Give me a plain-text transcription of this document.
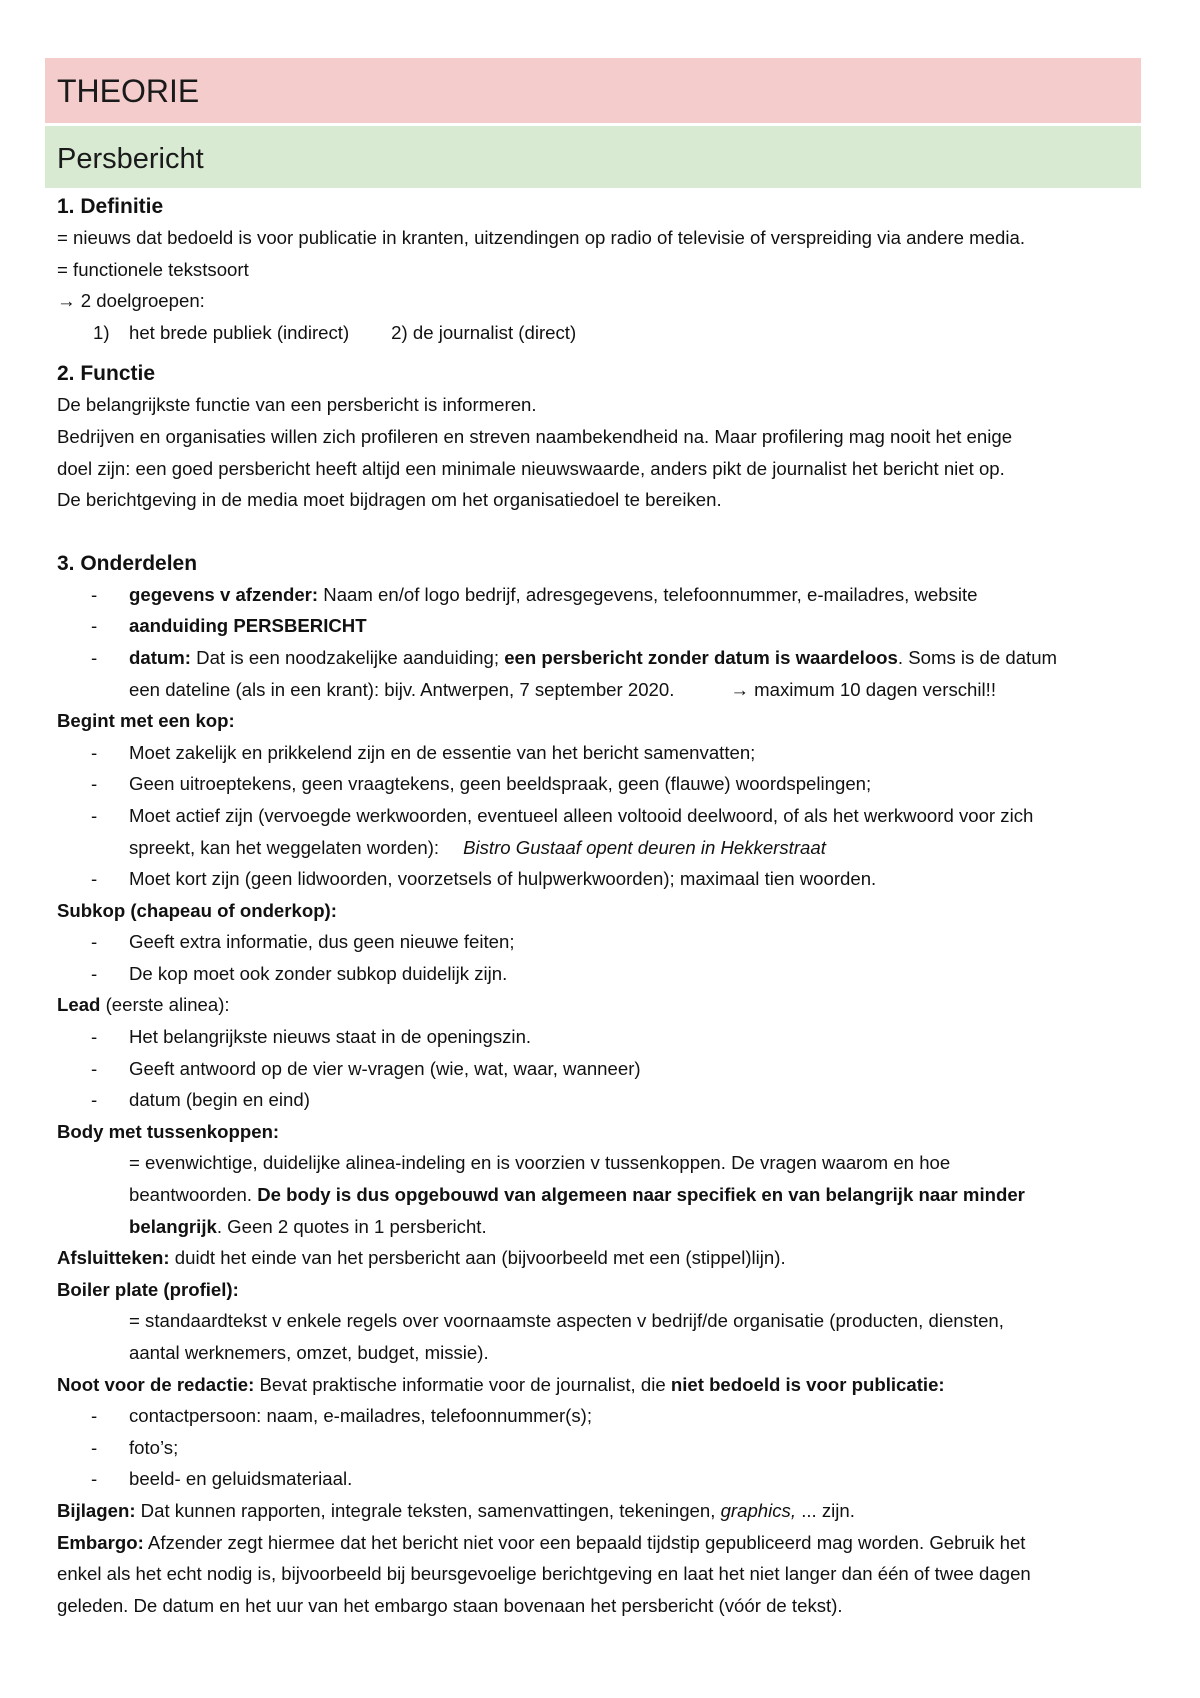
THEORIE
Persbericht
1. Definitie
= nieuws dat bedoeld is voor publicatie in kranten, uitzendingen op radio of televisie of verspreiding via andere media.
= functionele tekstsoort
→ 2 doelgroepen:
1) het brede publiek (indirect) 2) de journalist (direct)
2. Functie
De belangrijkste functie van een persbericht is informeren.
Bedrijven en organisaties willen zich profileren en streven naambekendheid na. Maar profilering mag nooit het enige
doel zijn: een goed persbericht heeft altijd een minimale nieuwswaarde, anders pikt de journalist het bericht niet op.
De berichtgeving in de media moet bijdragen om het organisatiedoel te bereiken.
3. Onderdelen
- gegevens v afzender: Naam en/of logo bedrijf, adresgegevens, telefoonnummer, e-mailadres, website
- aanduiding PERSBERICHT
- datum: Dat is een noodzakelijke aanduiding; een persbericht zonder datum is waardeloos. Soms is de datum
een dateline (als in een krant): bijv. Antwerpen, 7 september 2020.	→ maximum 10 dagen verschil!!
Begint met een kop:
- Moet zakelijk en prikkelend zijn en de essentie van het bericht samenvatten;
- Geen uitroeptekens, geen vraagtekens, geen beeldspraak, geen (flauwe) woordspelingen;
- Moet actief zijn (vervoegde werkwoorden, eventueel alleen voltooid deelwoord, of als het werkwoord voor zich
spreekt, kan het weggelaten worden): Bistro Gustaaf opent deuren in Hekkerstraat
- Moet kort zijn (geen lidwoorden, voorzetsels of hulpwerkwoorden); maximaal tien woorden.
Subkop (chapeau of onderkop):
- Geeft extra informatie, dus geen nieuwe feiten;
- De kop moet ook zonder subkop duidelijk zijn.
Lead (eerste alinea):
- Het belangrijkste nieuws staat in de openingszin.
- Geeft antwoord op de vier w-vragen (wie, wat, waar, wanneer)
- datum (begin en eind)
Body met tussenkoppen:
= evenwichtige, duidelijke alinea-indeling en is voorzien v tussenkoppen. De vragen waarom en hoe
beantwoorden. De body is dus opgebouwd van algemeen naar specifiek en van belangrijk naar minder
belangrijk. Geen 2 quotes in 1 persbericht.
Afsluitteken: duidt het einde van het persbericht aan (bijvoorbeeld met een (stippel)lijn).
Boiler plate (profiel):
= standaardtekst v enkele regels over voornaamste aspecten v bedrijf/de organisatie (producten, diensten,
aantal werknemers, omzet, budget, missie).
Noot voor de redactie: Bevat praktische informatie voor de journalist, die niet bedoeld is voor publicatie:
- contactpersoon: naam, e-mailadres, telefoonnummer(s);
- foto’s;
- beeld- en geluidsmateriaal.
Bijlagen: Dat kunnen rapporten, integrale teksten, samenvattingen, tekeningen, graphics, ... zijn.
Embargo: Afzender zegt hiermee dat het bericht niet voor een bepaald tijdstip gepubliceerd mag worden. Gebruik het
enkel als het echt nodig is, bijvoorbeeld bij beursgevoelige berichtgeving en laat het niet langer dan één of twee dagen
geleden. De datum en het uur van het embargo staan bovenaan het persbericht (vóór de tekst).
